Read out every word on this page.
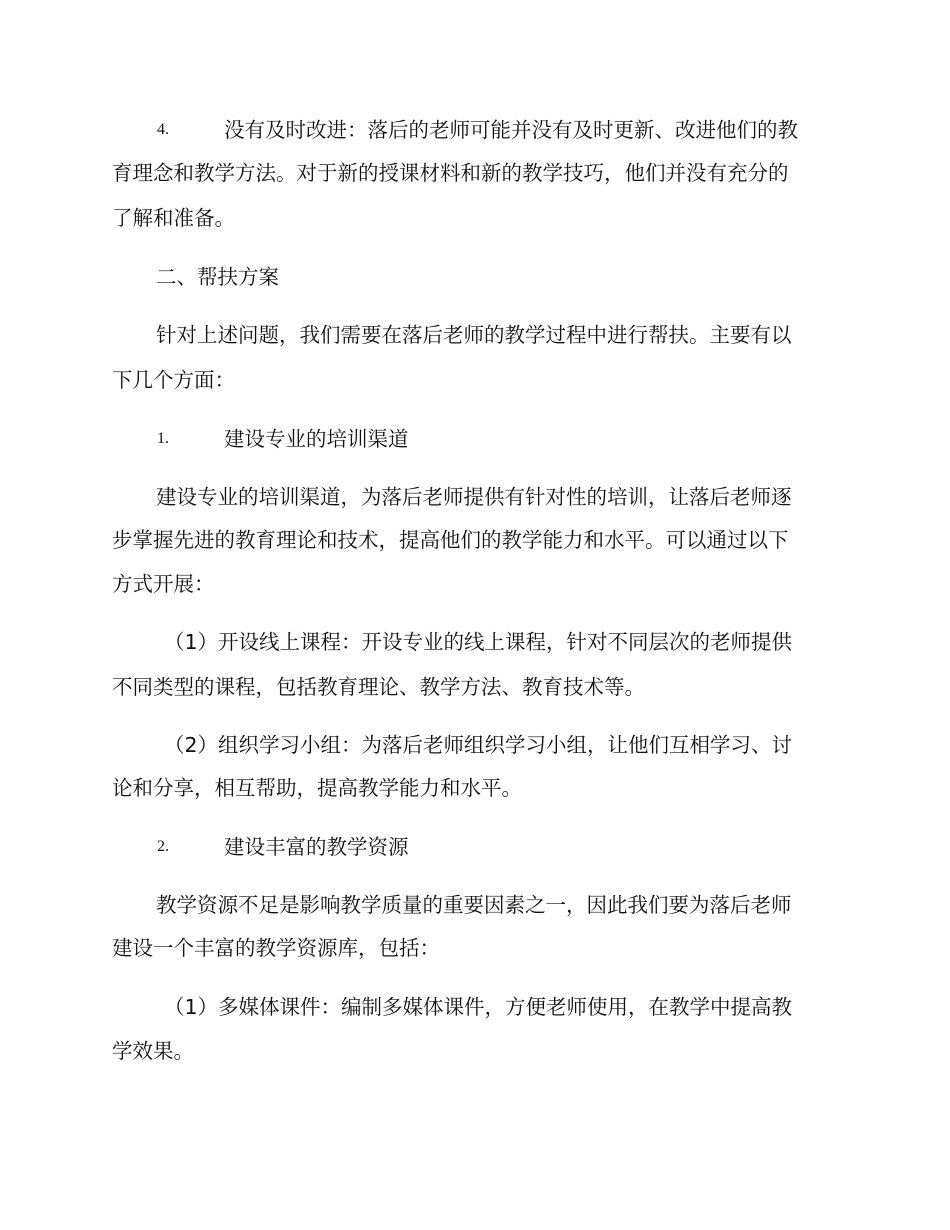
4.	没有及时改进：落后的老师可能并没有及时更新、改进他们的教
育理念和教学方法。对于新的授课材料和新的教学技巧，他们并没有充分的
了解和准备。
二、帮扶方案
针对上述问题，我们需要在落后老师的教学过程中进行帮扶。主要有以
下几个方面：
1.	建设专业的培训渠道
建设专业的培训渠道，为落后老师提供有针对性的培训，让落后老师逐
步掌握先进的教育理论和技术，提高他们的教学能力和水平。可以通过以下
方式开展：
（1）开设线上课程：开设专业的线上课程，针对不同层次的老师提供
不同类型的课程，包括教育理论、教学方法、教育技术等。
（2）组织学习小组：为落后老师组织学习小组，让他们互相学习、讨
论和分享，相互帮助，提高教学能力和水平。
2.	建设丰富的教学资源
教学资源不足是影响教学质量的重要因素之一，因此我们要为落后老师
建设一个丰富的教学资源库，包括：
（1）多媒体课件：编制多媒体课件，方便老师使用，在教学中提高教
学效果。
